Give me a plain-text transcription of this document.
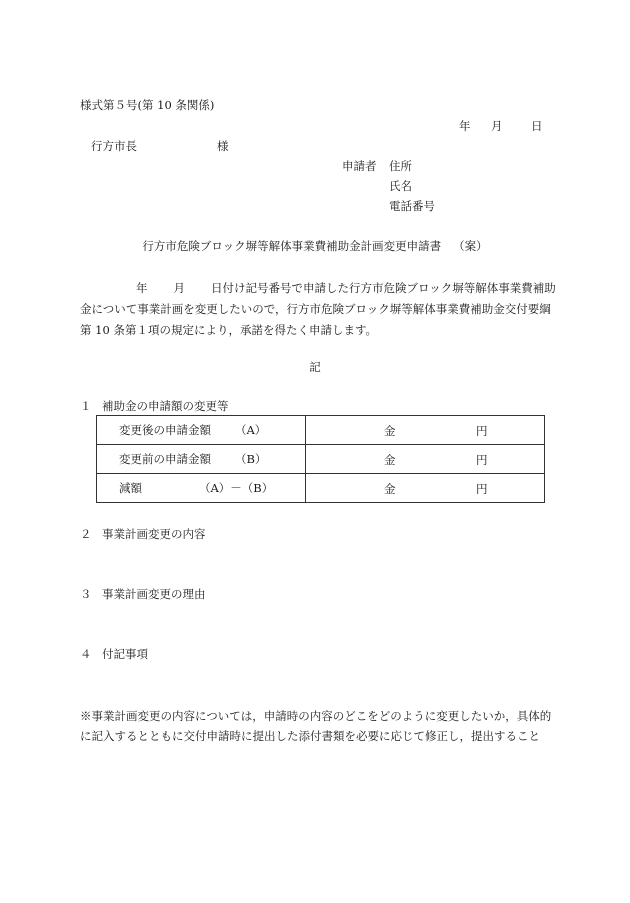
様式第５号(第 10 条関係)
年 月 日
行方市長	様
申請者 住所
氏名
電話番号
行方市危険ブロック塀等解体事業費補助金計画変更申請書 （案）
年 月 日付け記号番号で申請した行方市危険ブロック塀等解体事業費補助金について事業計画を変更したいので，行方市危険ブロック塀等解体事業費補助金交付要綱第 10 条第１項の規定により，承諾を得たく申請します。
記
１ 補助金の申請額の変更等
変更後の申請金額 （A）	金 円

変更前の申請金額 （B）	金 円

減額 （A）－（B）	金 円
２ 事業計画変更の内容
３ 事業計画変更の理由
４ 付記事項
※事業計画変更の内容については，申請時の内容のどこをどのように変更したいか，具体的に記入するとともに交付申請時に提出した添付書類を必要に応じて修正し，提出すること
